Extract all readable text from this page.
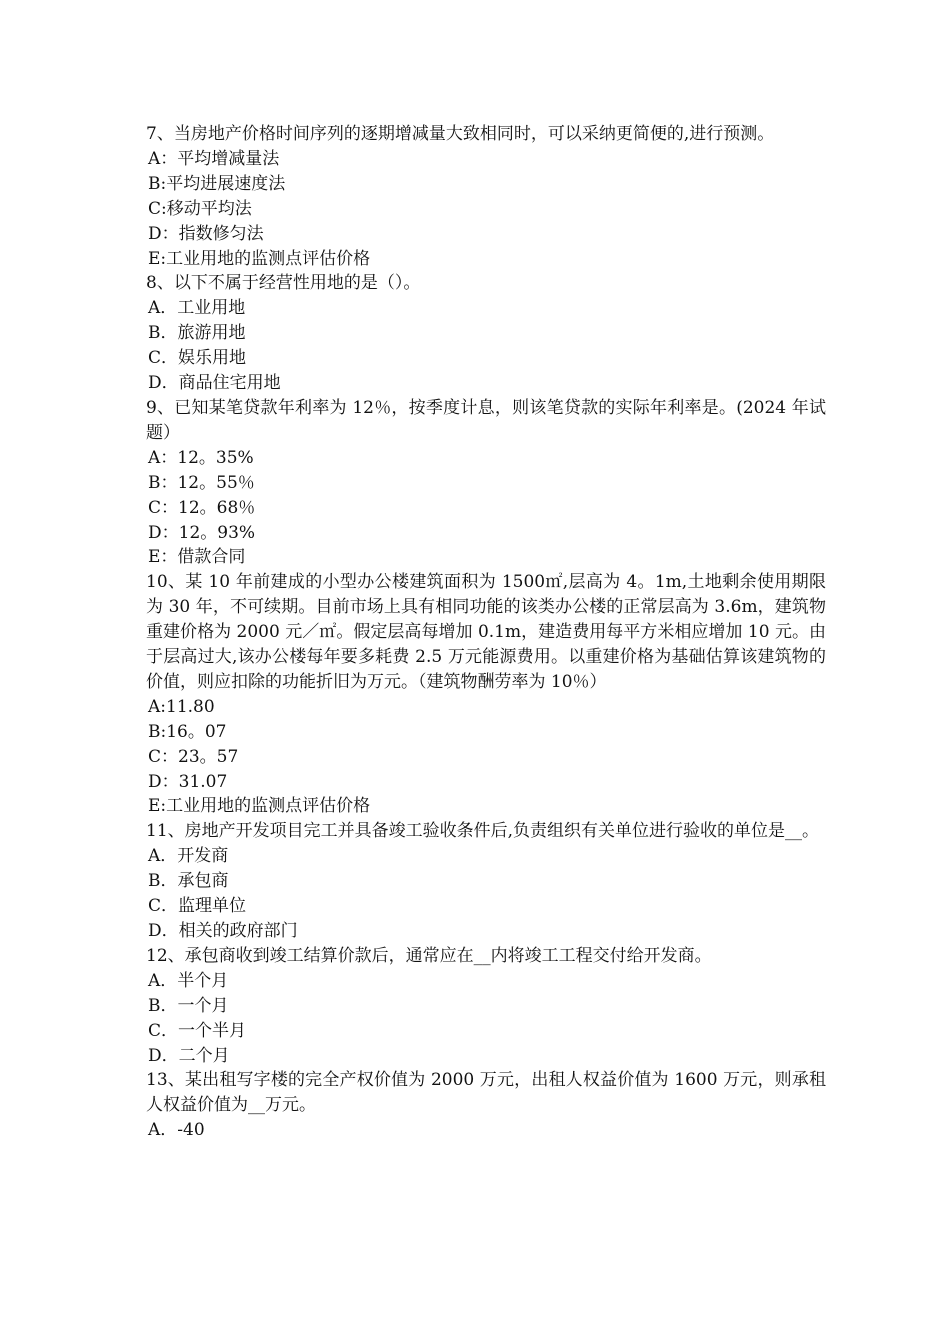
7、当房地产价格时间序列的逐期增减量大致相同时，可以采纳更简便的,进行预测。

A：平均增减量法

B:平均进展速度法

C:移动平均法

D：指数修匀法

E:工业用地的监测点评估价格

8、以下不属于经营性用地的是（）。

A．工业用地

B．旅游用地

C．娱乐用地

D．商品住宅用地

9、已知某笔贷款年利率为 12％，按季度计息，则该笔贷款的实际年利率是。(2024 年试题）

A：12。35%

B：12。55％

C：12。68％

D：12。93%

E：借款合同

10、某 10 年前建成的小型办公楼建筑面积为 1500㎡,层高为 4。1m,土地剩余使用期限为 30 年，不可续期。目前市场上具有相同功能的该类办公楼的正常层高为 3.6m，建筑物重建价格为 2000 元／㎡。假定层高每增加 0.1m，建造费用每平方米相应增加 10 元。由于层高过大,该办公楼每年要多耗费 2.5 万元能源费用。以重建价格为基础估算该建筑物的价值，则应扣除的功能折旧为万元。（建筑物酬劳率为 10％）

A:11.80

B:16。07

C：23。57

D：31.07

E:工业用地的监测点评估价格

11、房地产开发项目完工并具备竣工验收条件后,负责组织有关单位进行验收的单位是__。

A．开发商

B．承包商

C．监理单位

D．相关的政府部门

12、承包商收到竣工结算价款后，通常应在__内将竣工工程交付给开发商。

A．半个月

B．一个月

C．一个半月

D．二个月

13、某出租写字楼的完全产权价值为 2000 万元，出租人权益价值为 1600 万元，则承租人权益价值为__万元。

A．-40
